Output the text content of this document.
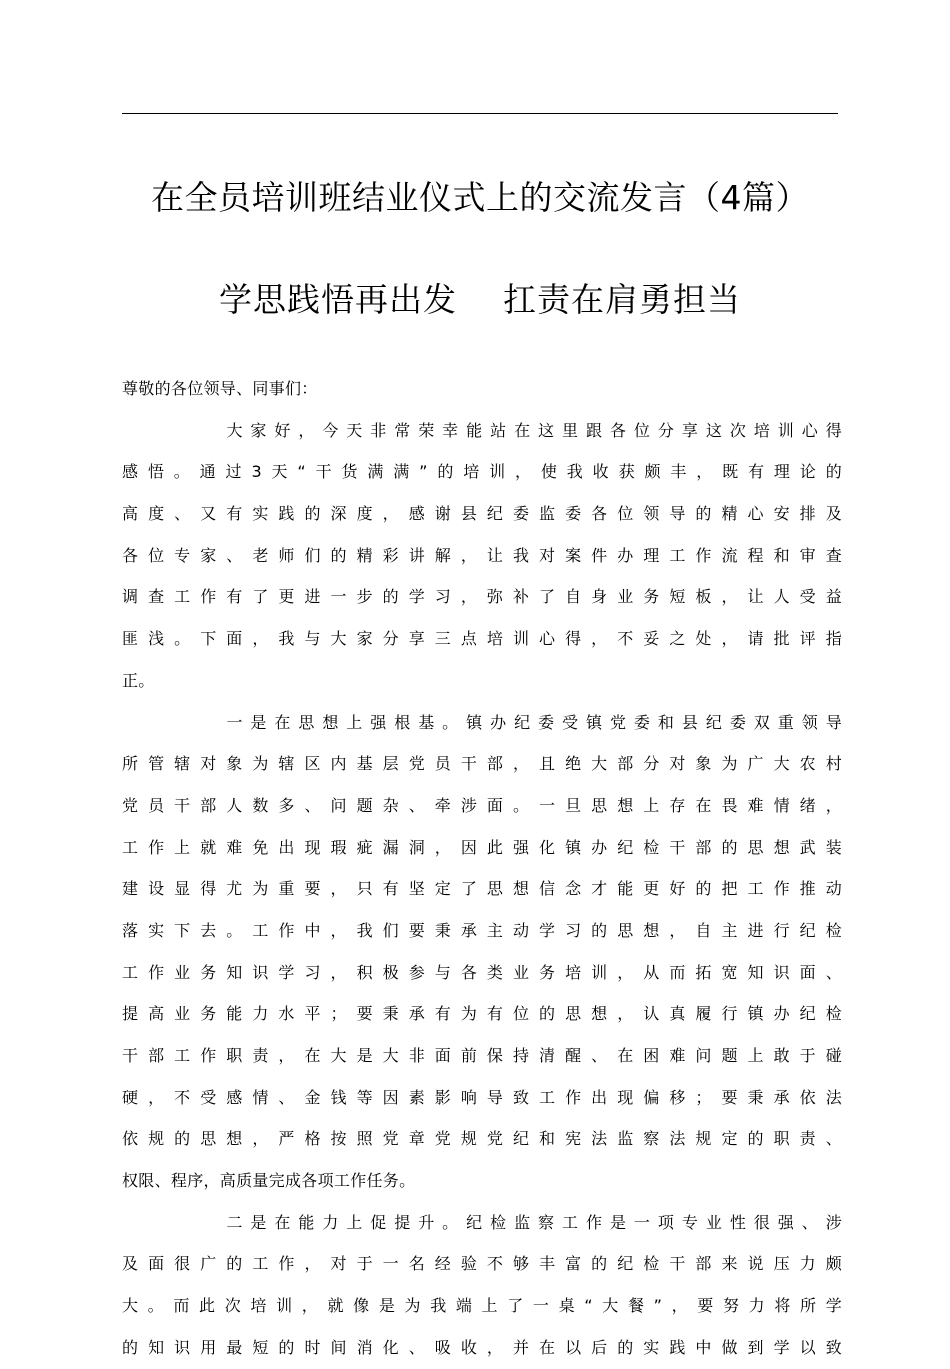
在全员培训班结业仪式上的交流发言（4篇）
学思践悟再出发    扛责在肩勇担当
尊敬的各位领导、同事们：
大家好，今天非常荣幸能站在这里跟各位分享这次培训心得
感悟。通过3天“干货满满”的培训，使我收获颇丰，既有理论的
高度、又有实践的深度，感谢县纪委监委各位领导的精心安排及
各位专家、老师们的精彩讲解，让我对案件办理工作流程和审查
调查工作有了更进一步的学习，弥补了自身业务短板，让人受益
匪浅。下面，我与大家分享三点培训心得，不妥之处，请批评指
正。
一是在思想上强根基。镇办纪委受镇党委和县纪委双重领导
所管辖对象为辖区内基层党员干部，且绝大部分对象为广大农村
党员干部人数多、问题杂、牵涉面。一旦思想上存在畏难情绪，
工作上就难免出现瑕疵漏洞，因此强化镇办纪检干部的思想武装
建设显得尤为重要，只有坚定了思想信念才能更好的把工作推动
落实下去。工作中，我们要秉承主动学习的思想，自主进行纪检
工作业务知识学习，积极参与各类业务培训，从而拓宽知识面、
提高业务能力水平；要秉承有为有位的思想，认真履行镇办纪检
干部工作职责，在大是大非面前保持清醒、在困难问题上敢于碰
硬，不受感情、金钱等因素影响导致工作出现偏移；要秉承依法
依规的思想，严格按照党章党规党纪和宪法监察法规定的职责、
权限、程序，高质量完成各项工作任务。
二是在能力上促提升。纪检监察工作是一项专业性很强、涉
及面很广的工作，对于一名经验不够丰富的纪检干部来说压力颇
大。而此次培训，就像是为我端上了一桌“大餐”，要努力将所学
的知识用最短的时间消化、吸收，并在以后的实践中做到学以致
